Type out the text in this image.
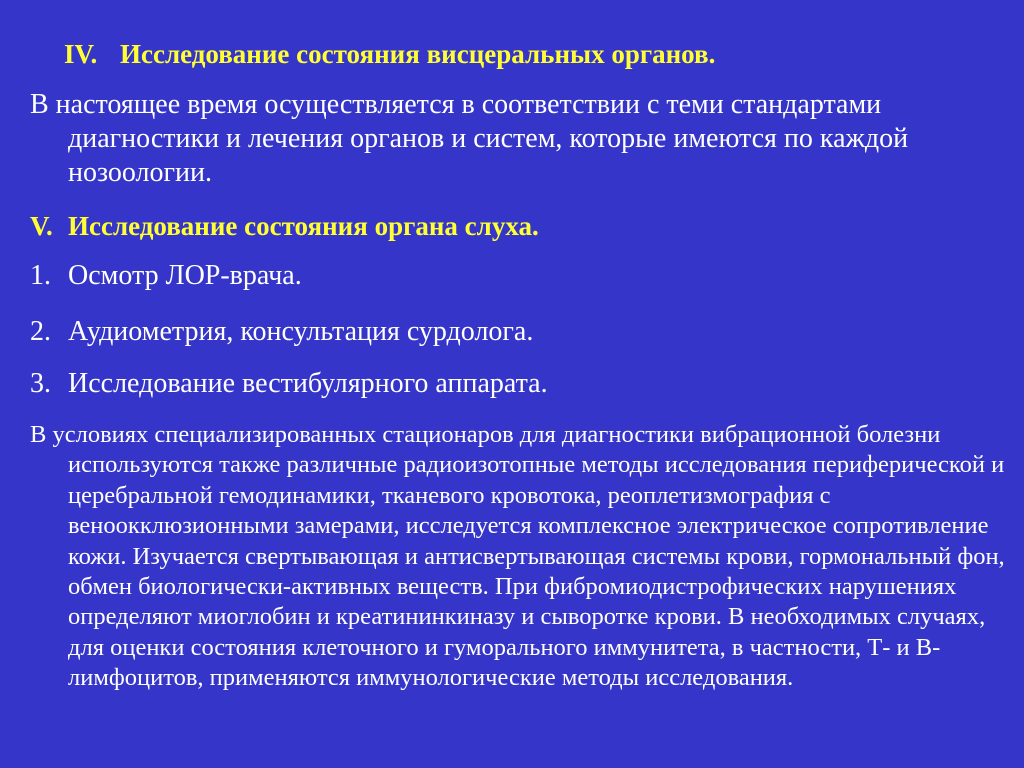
IV. Исследование состояния висцеральных органов.
В настоящее время осуществляется в соответствии с теми стандартами диагностики и лечения органов и систем, которые имеются по каждой нозоологии.
V. Исследование состояния органа слуха.
1. Осмотр ЛОР-врача.
2. Аудиометрия, консультация сурдолога.
3. Исследование вестибулярного аппарата.
В условиях специализированных стационаров для диагностики вибрационной болезни используются также различные радиоизотопные методы исследования периферической и церебральной гемодинамики, тканевого кровотока, реоплетизмография с веноокклюзионными замерами, исследуется комплексное электрическое сопротивление кожи. Изучается свертывающая и антисвертывающая системы крови, гормональный фон, обмен биологически-активных веществ. При фибромиодистрофических нарушениях определяют миоглобин и креатининкиназу и сыворотке крови. В необходимых случаях, для оценки состояния клеточного и гуморального иммунитета, в частности, Т- и В-лимфоцитов, применяются иммунологические методы исследования.
